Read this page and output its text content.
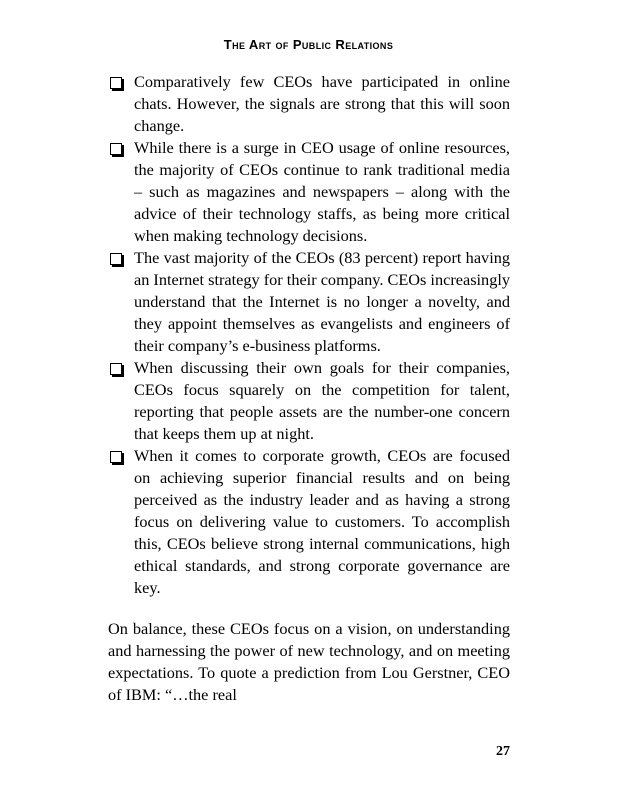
The Art of Public Relations
Comparatively few CEOs have participated in online chats. However, the signals are strong that this will soon change.
While there is a surge in CEO usage of online resources, the majority of CEOs continue to rank traditional media – such as magazines and newspapers – along with the advice of their technology staffs, as being more critical when making technology decisions.
The vast majority of the CEOs (83 percent) report having an Internet strategy for their company. CEOs increasingly understand that the Internet is no longer a novelty, and they appoint themselves as evangelists and engineers of their company’s e-business platforms.
When discussing their own goals for their companies, CEOs focus squarely on the competition for talent, reporting that people assets are the number-one concern that keeps them up at night.
When it comes to corporate growth, CEOs are focused on achieving superior financial results and on being perceived as the industry leader and as having a strong focus on delivering value to customers. To accomplish this, CEOs believe strong internal communications, high ethical standards, and strong corporate governance are key.

On balance, these CEOs focus on a vision, on understanding and harnessing the power of new technology, and on meeting expectations. To quote a prediction from Lou Gerstner, CEO of IBM: “…the real

27
